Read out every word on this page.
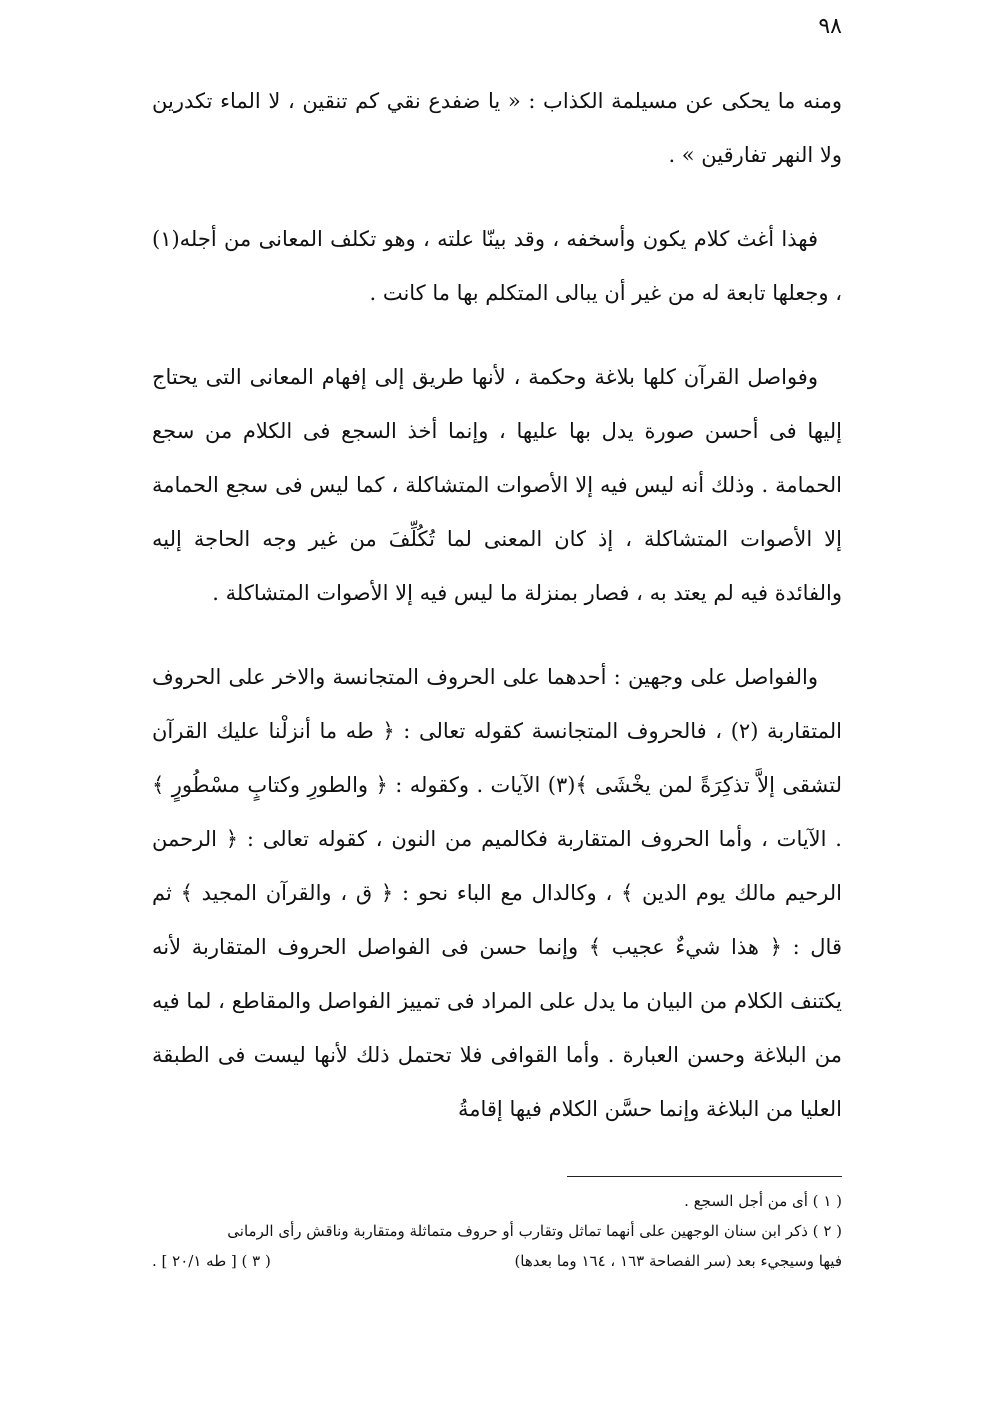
٩٨

ومنه ما يحكى عن مسيلمة الكذاب : « يا ضفدع نقي كم تنقين ، لا الماء تكدرين ولا النهر تفارقين » .

فهذا أغث كلام يكون وأسخفه ، وقد بينّا علته ، وهو تكلف المعانى من أجله(١) ، وجعلها تابعة له من غير أن يبالى المتكلم بها ما كانت .

وفواصل القرآن كلها بلاغة وحكمة ، لأنها طريق إلى إفهام المعانى التى يحتاج إليها فى أحسن صورة يدل بها عليها ، وإنما أخذ السجع فى الكلام من سجع الحمامة . وذلك أنه ليس فيه إلا الأصوات المتشاكلة ، كما ليس فى سجع الحمامة إلا الأصوات المتشاكلة ، إذ كان المعنى لما تُكُلِّفَ من غير وجه الحاجة إليه والفائدة فيه لم يعتد به ، فصار بمنزلة ما ليس فيه إلا الأصوات المتشاكلة .

والفواصل على وجهين : أحدهما على الحروف المتجانسة والاخر على الحروف المتقاربة (٢) ، فالحروف المتجانسة كقوله تعالى : ﴿ طه ما أنزلْنا عليك القرآن لتشقى إلاَّ تذكِرَةً لمن يخْشَى ﴾(٣) الآيات . وكقوله : ﴿ والطورِ وكتابٍ مسْطُورٍ ﴾ . الآيات ، وأما الحروف المتقاربة فكالميم من النون ، كقوله تعالى : ﴿ الرحمن الرحيم مالك يوم الدين ﴾ ، وكالدال مع الباء نحو : ﴿ ق ، والقرآن المجيد ﴾ ثم قال : ﴿ هذا شيءٌ عجيب ﴾ وإنما حسن فى الفواصل الحروف المتقاربة لأنه يكتنف الكلام من البيان ما يدل على المراد فى تمييز الفواصل والمقاطع ، لما فيه من البلاغة وحسن العبارة . وأما القوافى فلا تحتمل ذلك لأنها ليست فى الطبقة العليا من البلاغة وإنما حسَّن الكلام فيها إقامةُ

( ١ ) أى من أجل السجع .

( ٢ ) ذكر ابن سنان الوجهين على أنهما تماثل وتقارب أو حروف متماثلة ومتقاربة وناقش رأى الرمانى

فيها وسيجيء بعد (سر الفصاحة ١٦٣ ، ١٦٤ وما بعدها)
( ٣ ) [ طه ٢٠/١ ] .
